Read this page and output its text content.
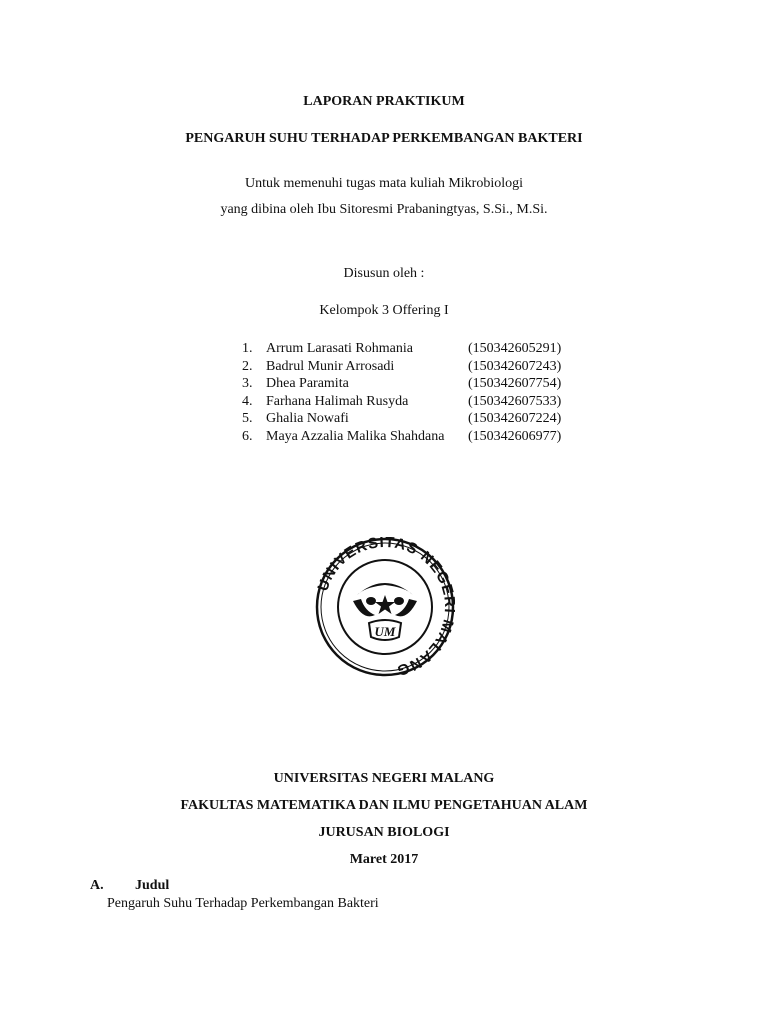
LAPORAN PRAKTIKUM
PENGARUH SUHU TERHADAP PERKEMBANGAN BAKTERI
Untuk memenuhi tugas mata kuliah Mikrobiologi
yang dibina oleh Ibu Sitoresmi Prabaningtyas, S.Si., M.Si.
Disusun oleh :
Kelompok 3 Offering I
1. Arrum Larasati Rohmania	(150342605291)
2. Badrul Munir Arrosadi	(150342607243)
3. Dhea Paramita	(150342607754)
4. Farhana Halimah Rusyda	(150342607533)
5. Ghalia Nowafi	(150342607224)
6. Maya Azzalia Malika Shahdana	(150342606977)
UNIVERSITAS NEGE MALANG
UM
UNIVERSITAS NEGERI MALANG
FAKULTAS MATEMATIKA DAN ILMU PENGETAHUAN ALAM
JURUSAN BIOLOGI
Maret 2017
A. Judul
Pengaruh Suhu Terhadap Perkembangan Bakteri
